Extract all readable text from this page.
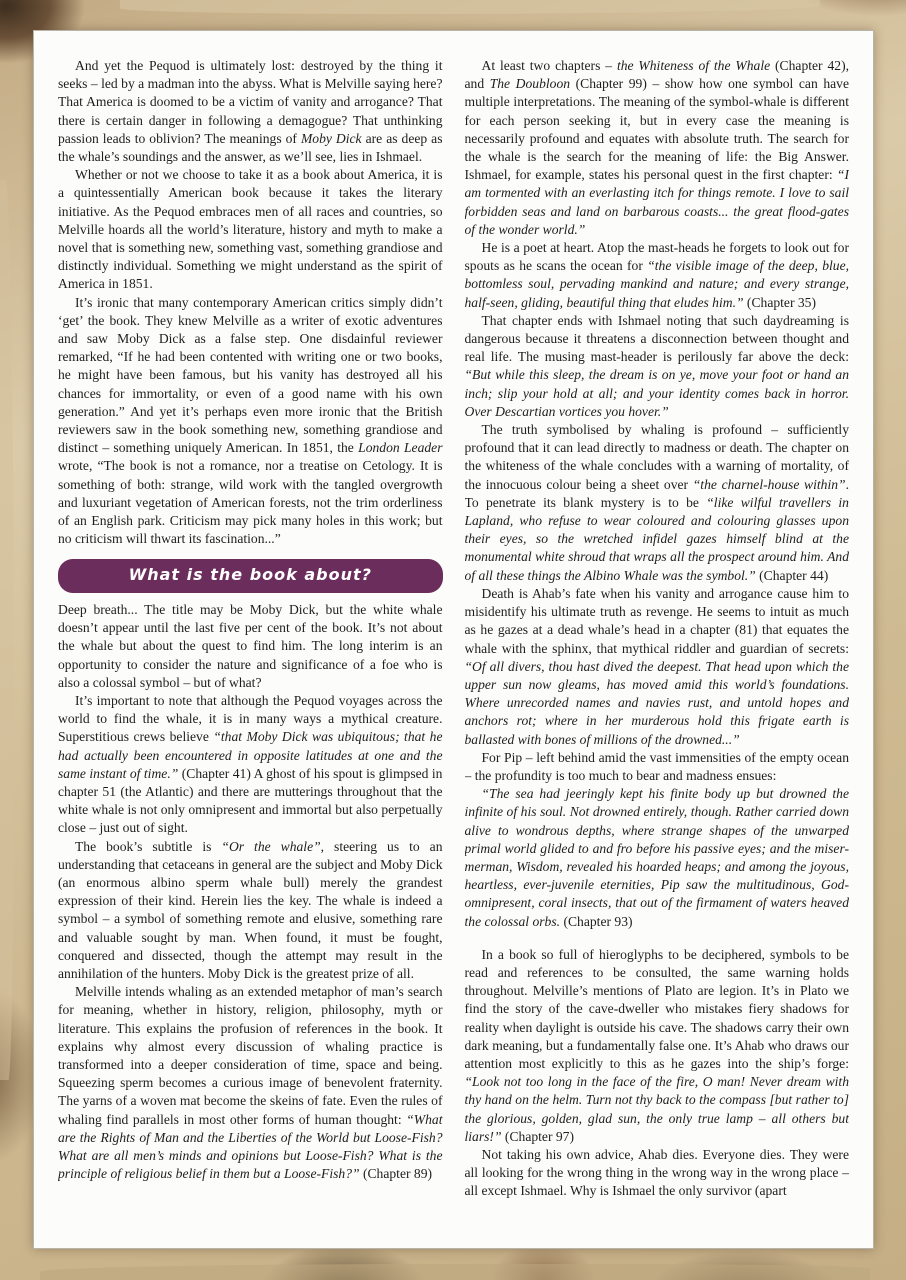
And yet the Pequod is ultimately lost: destroyed by the thing it seeks – led by a madman into the abyss. What is Melville saying here? That America is doomed to be a victim of vanity and arrogance? That there is certain danger in following a demagogue? That unthinking passion leads to oblivion? The meanings of Moby Dick are as deep as the whale’s soundings and the answer, as we’ll see, lies in Ishmael.

Whether or not we choose to take it as a book about America, it is a quintessentially American book because it takes the literary initiative. As the Pequod embraces men of all races and countries, so Melville hoards all the world’s literature, history and myth to make a novel that is something new, something vast, something grandiose and distinctly individual. Something we might understand as the spirit of America in 1851.

It’s ironic that many contemporary American critics simply didn’t ‘get’ the book. They knew Melville as a writer of exotic adventures and saw Moby Dick as a false step. One disdainful reviewer remarked, “If he had been contented with writing one or two books, he might have been famous, but his vanity has destroyed all his chances for immortality, or even of a good name with his own generation.” And yet it’s perhaps even more ironic that the British reviewers saw in the book something new, something grandiose and distinct – something uniquely American. In 1851, the London Leader wrote, “The book is not a romance, nor a treatise on Cetology. It is something of both: strange, wild work with the tangled overgrowth and luxuriant vegetation of American forests, not the trim orderliness of an English park. Criticism may pick many holes in this work; but no criticism will thwart its fascination...”

What is the book about?

Deep breath... The title may be Moby Dick, but the white whale doesn’t appear until the last five per cent of the book. It’s not about the whale but about the quest to find him. The long interim is an opportunity to consider the nature and significance of a foe who is also a colossal symbol – but of what?

It’s important to note that although the Pequod voyages across the world to find the whale, it is in many ways a mythical creature. Superstitious crews believe “that Moby Dick was ubiquitous; that he had actually been encountered in opposite latitudes at one and the same instant of time.” (Chapter 41) A ghost of his spout is glimpsed in chapter 51 (the Atlantic) and there are mutterings throughout that the white whale is not only omnipresent and immortal but also perpetually close – just out of sight.

The book’s subtitle is “Or the whale”, steering us to an understanding that cetaceans in general are the subject and Moby Dick (an enormous albino sperm whale bull) merely the grandest expression of their kind. Herein lies the key. The whale is indeed a symbol – a symbol of something remote and elusive, something rare and valuable sought by man. When found, it must be fought, conquered and dissected, though the attempt may result in the annihilation of the hunters. Moby Dick is the greatest prize of all.

Melville intends whaling as an extended metaphor of man’s search for meaning, whether in history, religion, philosophy, myth or literature. This explains the profusion of references in the book. It explains why almost every discussion of whaling practice is transformed into a deeper consideration of time, space and being. Squeezing sperm becomes a curious image of benevolent fraternity. The yarns of a woven mat become the skeins of fate. Even the rules of whaling find parallels in most other forms of human thought: “What are the Rights of Man and the Liberties of the World but Loose-Fish? What are all men’s minds and opinions but Loose-Fish? What is the principle of religious belief in them but a Loose-Fish?” (Chapter 89)

At least two chapters – the Whiteness of the Whale (Chapter 42), and The Doubloon (Chapter 99) – show how one symbol can have multiple interpretations. The meaning of the symbol-whale is different for each person seeking it, but in every case the meaning is necessarily profound and equates with absolute truth. The search for the whale is the search for the meaning of life: the Big Answer. Ishmael, for example, states his personal quest in the first chapter: “I am tormented with an everlasting itch for things remote. I love to sail forbidden seas and land on barbarous coasts... the great flood-gates of the wonder world.”

He is a poet at heart. Atop the mast-heads he forgets to look out for spouts as he scans the ocean for “the visible image of the deep, blue, bottomless soul, pervading mankind and nature; and every strange, half-seen, gliding, beautiful thing that eludes him.” (Chapter 35)

That chapter ends with Ishmael noting that such daydreaming is dangerous because it threatens a disconnection between thought and real life. The musing mast-header is perilously far above the deck: “But while this sleep, the dream is on ye, move your foot or hand an inch; slip your hold at all; and your identity comes back in horror. Over Descartian vortices you hover.”

The truth symbolised by whaling is profound – sufficiently profound that it can lead directly to madness or death. The chapter on the whiteness of the whale concludes with a warning of mortality, of the innocuous colour being a sheet over “the charnel-house within”. To penetrate its blank mystery is to be “like wilful travellers in Lapland, who refuse to wear coloured and colouring glasses upon their eyes, so the wretched infidel gazes himself blind at the monumental white shroud that wraps all the prospect around him. And of all these things the Albino Whale was the symbol.” (Chapter 44)

Death is Ahab’s fate when his vanity and arrogance cause him to misidentify his ultimate truth as revenge. He seems to intuit as much as he gazes at a dead whale’s head in a chapter (81) that equates the whale with the sphinx, that mythical riddler and guardian of secrets: “Of all divers, thou hast dived the deepest. That head upon which the upper sun now gleams, has moved amid this world’s foundations. Where unrecorded names and navies rust, and untold hopes and anchors rot; where in her murderous hold this frigate earth is ballasted with bones of millions of the drowned...”

For Pip – left behind amid the vast immensities of the empty ocean – the profundity is too much to bear and madness ensues:

“The sea had jeeringly kept his finite body up but drowned the infinite of his soul. Not drowned entirely, though. Rather carried down alive to wondrous depths, where strange shapes of the unwarped primal world glided to and fro before his passive eyes; and the miser-merman, Wisdom, revealed his hoarded heaps; and among the joyous, heartless, ever-juvenile eternities, Pip saw the multitudinous, God-omnipresent, coral insects, that out of the firmament of waters heaved the colossal orbs. (Chapter 93)

In a book so full of hieroglyphs to be deciphered, symbols to be read and references to be consulted, the same warning holds throughout. Melville’s mentions of Plato are legion. It’s in Plato we find the story of the cave-dweller who mistakes fiery shadows for reality when daylight is outside his cave. The shadows carry their own dark meaning, but a fundamentally false one. It’s Ahab who draws our attention most explicitly to this as he gazes into the ship’s forge: “Look not too long in the face of the fire, O man! Never dream with thy hand on the helm. Turn not thy back to the compass [but rather to] the glorious, golden, glad sun, the only true lamp – all others but liars!” (Chapter 97)

Not taking his own advice, Ahab dies. Everyone dies. They were all looking for the wrong thing in the wrong way in the wrong place – all except Ishmael. Why is Ishmael the only survivor (apart
